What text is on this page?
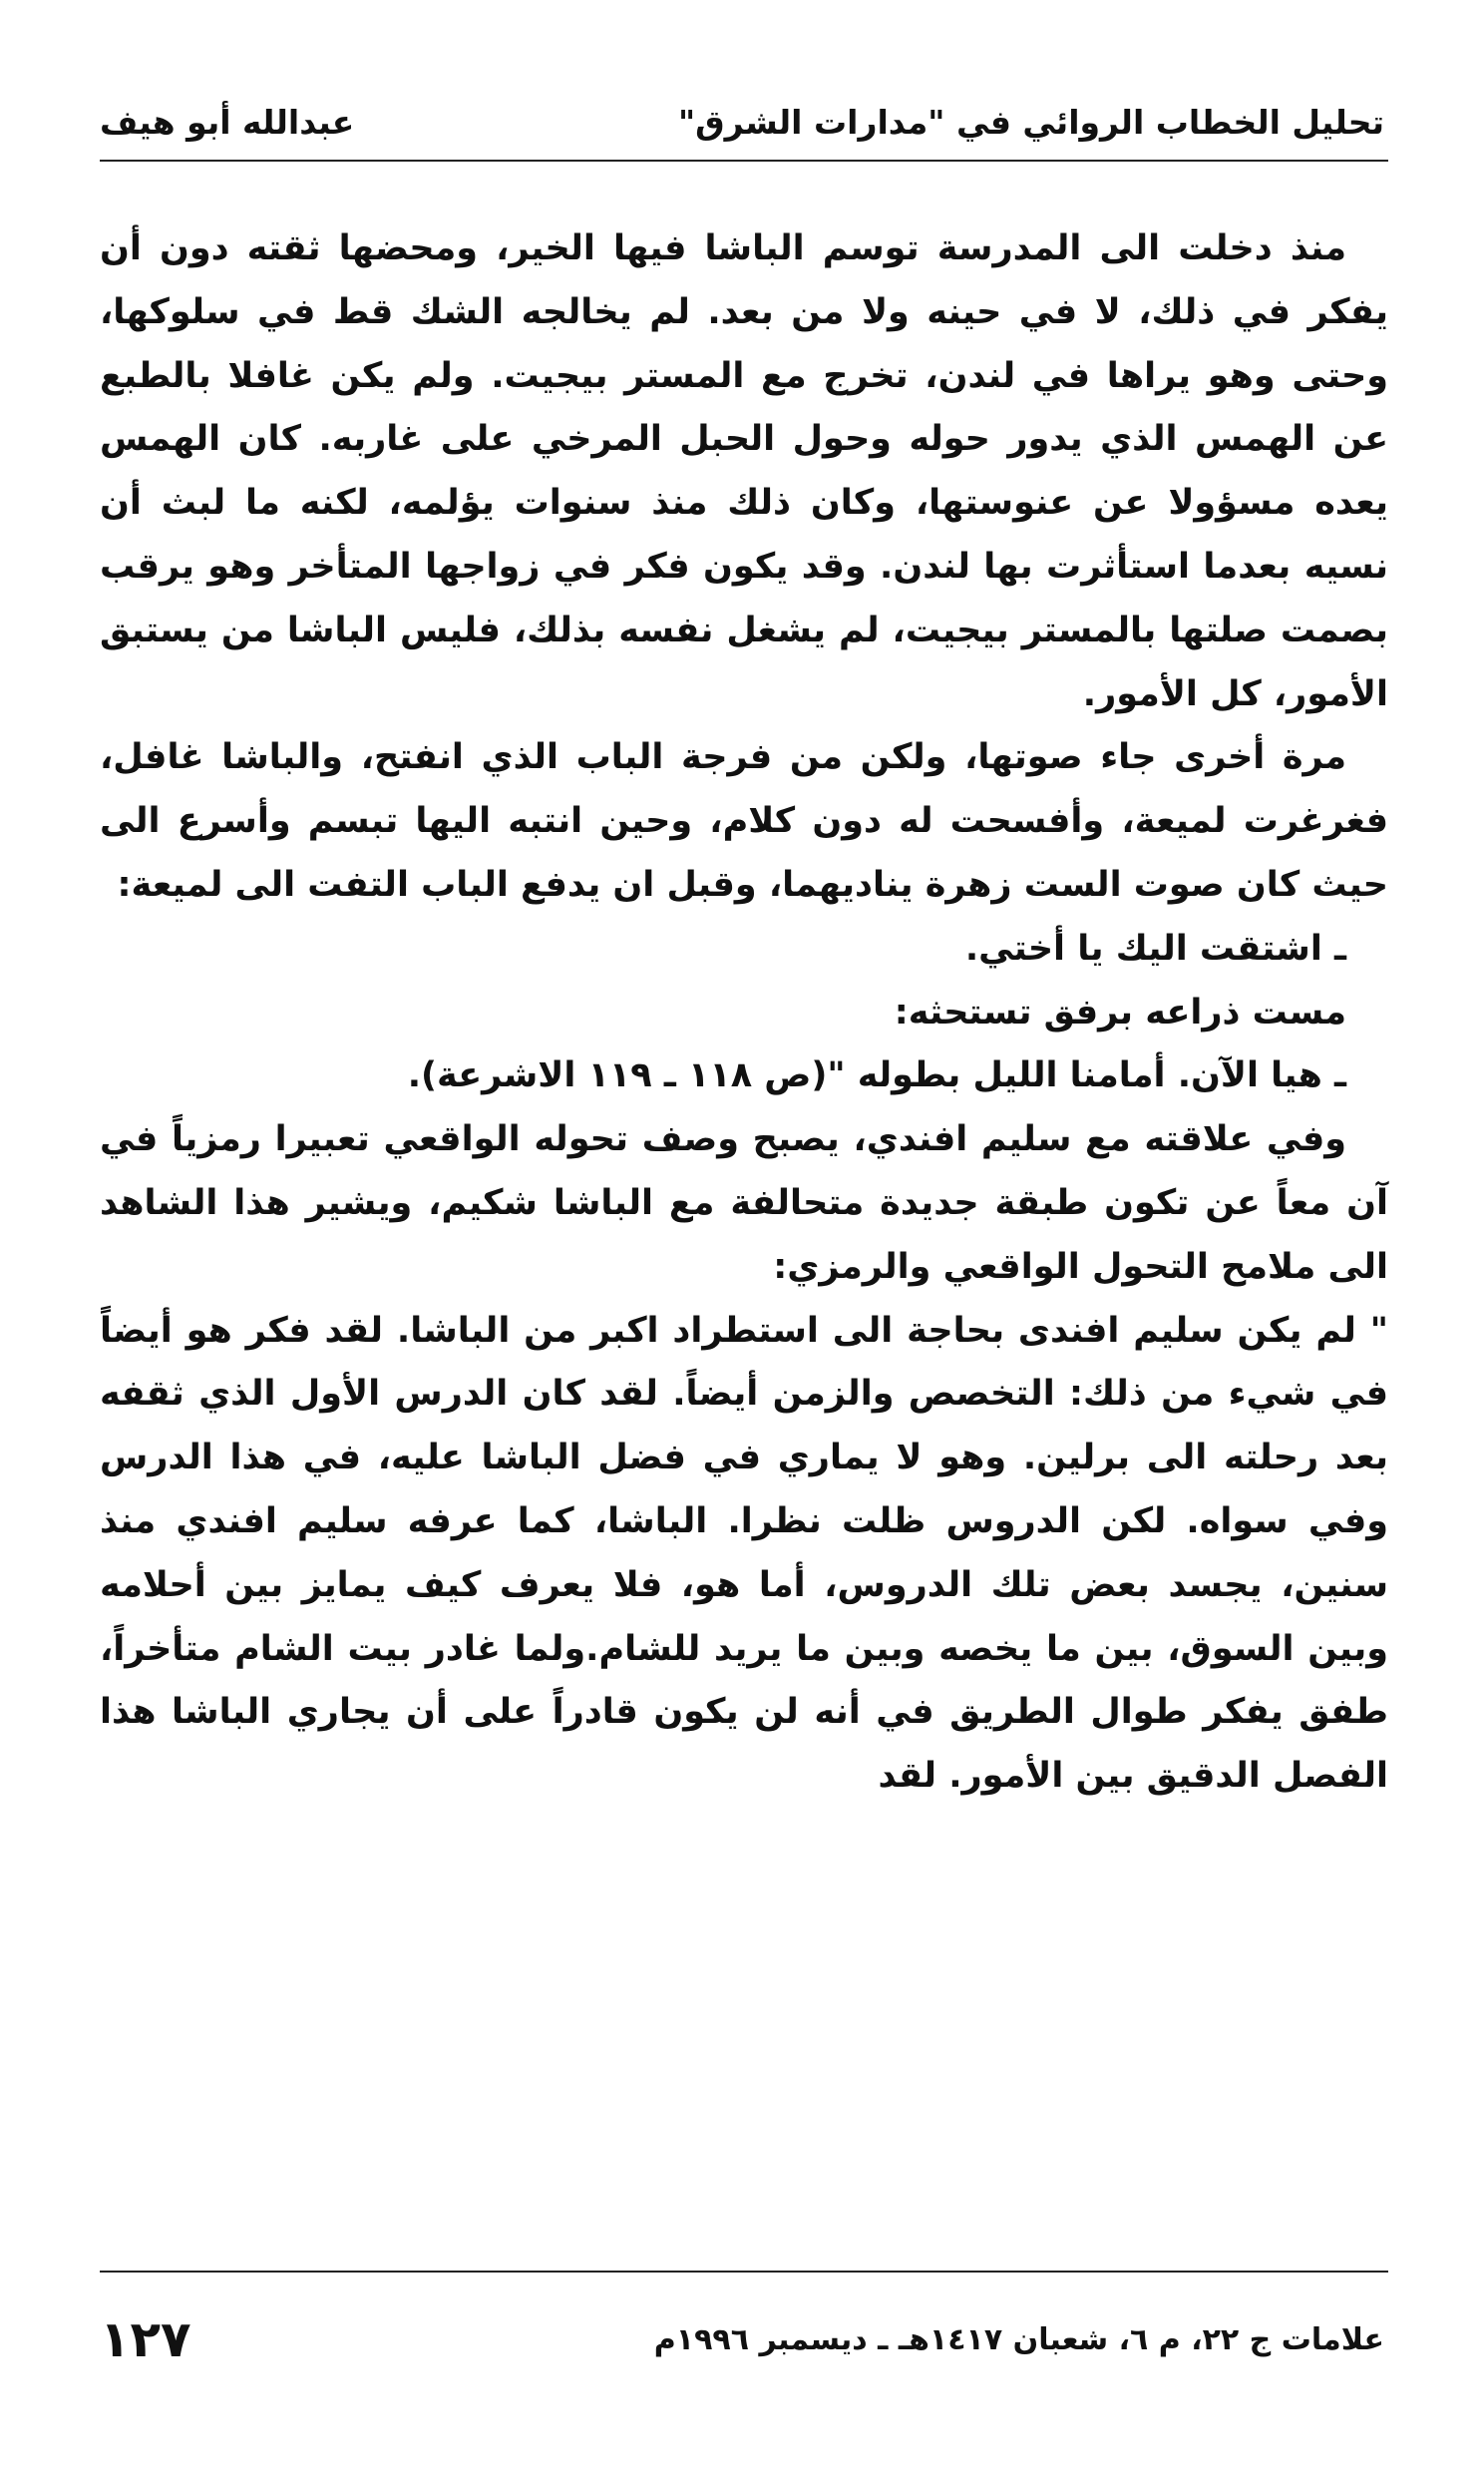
تحليل الخطاب الروائي في "مدارات الشرق"
عبدالله أبو هيف

منذ دخلت الى المدرسة توسم الباشا فيها الخير، ومحضها ثقته دون أن يفكر في ذلك، لا في حينه ولا من بعد. لم يخالجه الشك قط في سلوكها، وحتى وهو يراها في لندن، تخرج مع المستر بيجيت. ولم يكن غافلا بالطبع عن الهمس الذي يدور حوله وحول الحبل المرخي على غاربه. كان الهمس يعده مسؤولا عن عنوستها، وكان ذلك منذ سنوات يؤلمه، لكنه ما لبث أن نسيه بعدما استأثرت بها لندن. وقد يكون فكر في زواجها المتأخر وهو يرقب بصمت صلتها بالمستر بيجيت، لم يشغل نفسه بذلك، فليس الباشا من يستبق الأمور، كل الأمور.

مرة أخرى جاء صوتها، ولكن من فرجة الباب الذي انفتح، والباشا غافل، فغرغرت لميعة، وأفسحت له دون كلام، وحين انتبه اليها تبسم وأسرع الى حيث كان صوت الست زهرة يناديهما، وقبل ان يدفع الباب التفت الى لميعة:

ـ اشتقت اليك يا أختي.

مست ذراعه برفق تستحثه:

ـ هيا الآن. أمامنا الليل بطوله "(ص ١١٨ ـ ١١٩ الاشرعة).

وفي علاقته مع سليم افندي، يصبح وصف تحوله الواقعي تعبيرا رمزياً في آن معاً عن تكون طبقة جديدة متحالفة مع الباشا شكيم، ويشير هذا الشاهد الى ملامح التحول الواقعي والرمزي:

" لم يكن سليم افندى بحاجة الى استطراد اكبر من الباشا. لقد فكر هو أيضاً في شيء من ذلك: التخصص والزمن أيضاً. لقد كان الدرس الأول الذي ثقفه بعد رحلته الى برلين. وهو لا يماري في فضل الباشا عليه، في هذا الدرس وفي سواه. لكن الدروس ظلت نظرا. الباشا، كما عرفه سليم افندي منذ سنين، يجسد بعض تلك الدروس، أما هو، فلا يعرف كيف يمايز بين أحلامه وبين السوق، بين ما يخصه وبين ما يريد للشام.ولما غادر بيت الشام متأخراً، طفق يفكر طوال الطريق في أنه لن يكون قادراً على أن يجاري الباشا هذا الفصل الدقيق بين الأمور. لقد

علامات ج ٢٢، م ٦، شعبان ١٤١٧هـ ـ ديسمبر ١٩٩٦م
١٢٧
